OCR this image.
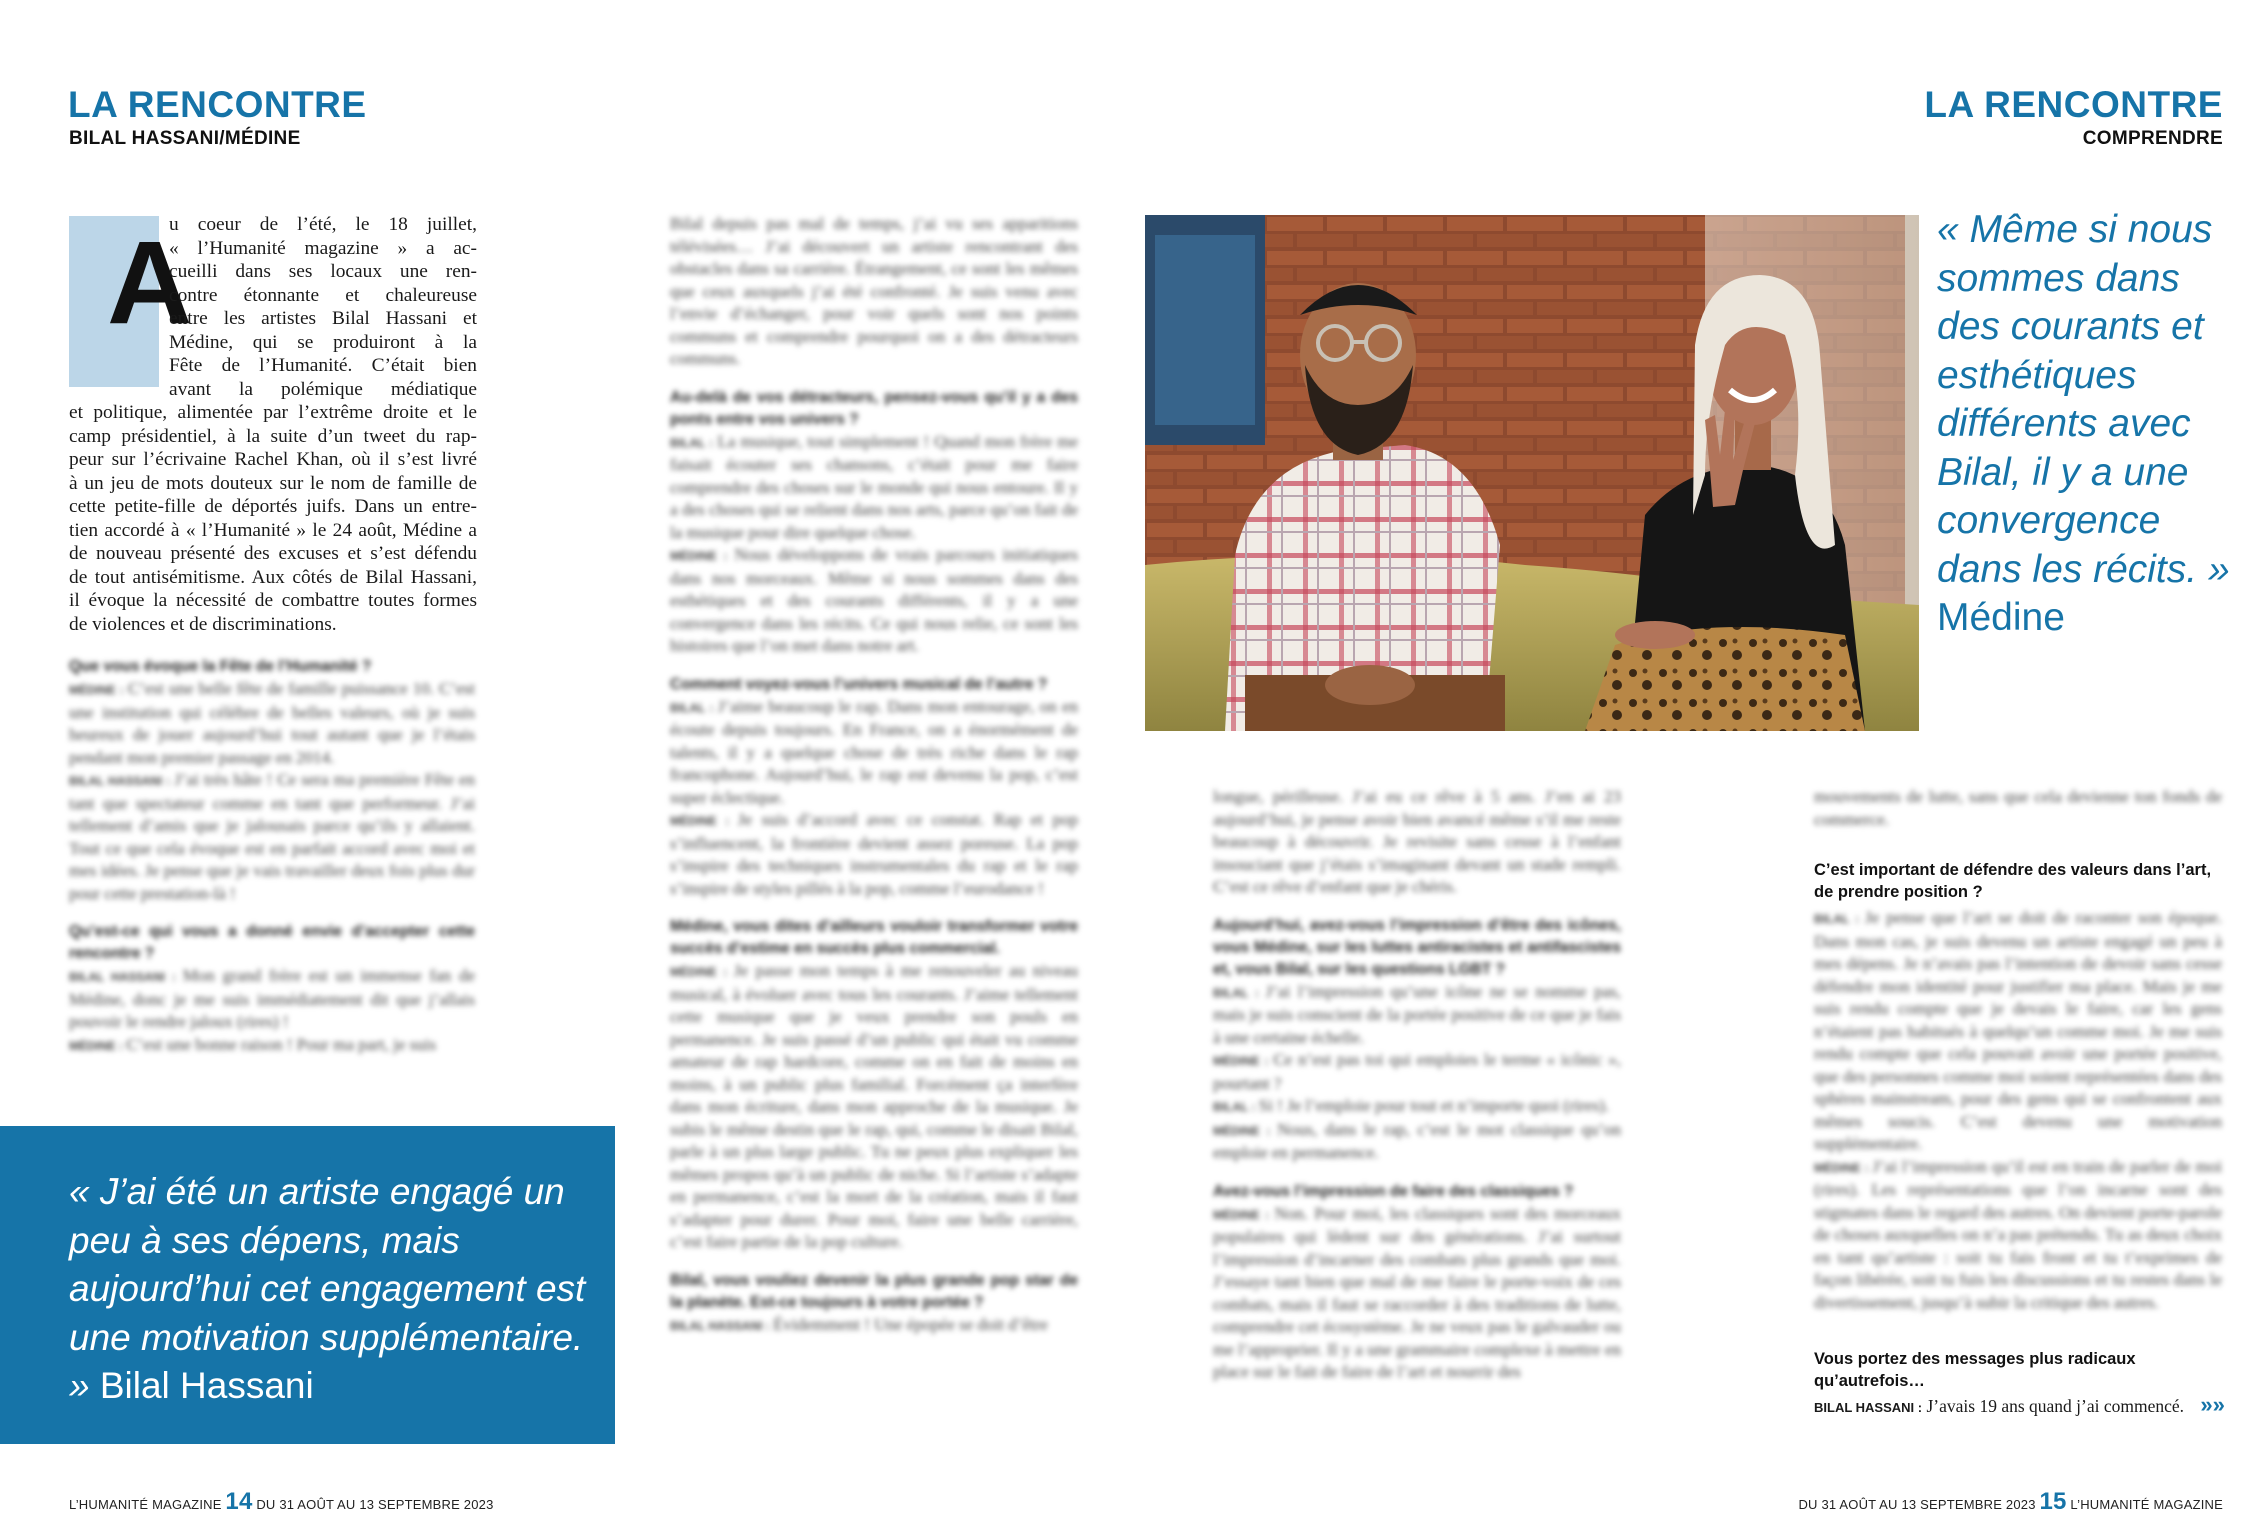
LA RENCONTRE
BILAL HASSANI/MÉDINE
A
u coeur de l’été, le 18 juillet,
« l’Humanité magazine » a ac-
cueilli dans ses locaux une ren-
contre étonnante et chaleureuse
entre les artistes Bilal Hassani et
Médine, qui se produiront à la
Fête de l’Humanité. C’était bien
avant la polémique médiatique
et politique, alimentée par l’extrême droite et le
camp présidentiel, à la suite d’un tweet du rap-
peur sur l’écrivaine Rachel Khan, où il s’est livré
à un jeu de mots douteux sur le nom de famille de
cette petite-fille de déportés juifs. Dans un entre-
tien accordé à « l’Humanité » le 24 août, Médine a
de nouveau présenté des excuses et s’est défendu
de tout antisémitisme. Aux côtés de Bilal Hassani,
il évoque la nécessité de combattre toutes formes
de violences et de discriminations.
Que vous évoque la Fête de l’Humanité ?

MÉDINE : C’est une belle fête de famille puissance 10. C’est une institution qui célèbre de belles valeurs, où je suis heureux de jouer aujourd’hui tout autant que je l’étais pendant mon premier passage en 2014.

BILAL HASSANI : J’ai très hâte ! Ce sera ma première Fête en tant que spectateur comme en tant que performeur. J’ai tellement d’amis que je jalousais parce qu’ils y allaient. Tout ce que cela évoque est en parfait accord avec moi et mes idées. Je pense que je vais travailler deux fois plus dur pour cette prestation-là !

Qu’est-ce qui vous a donné envie d’accepter cette rencontre ?

BILAL HASSANI : Mon grand frère est un immense fan de Médine, donc je me suis immédiatement dit que j’allais pouvoir le rendre jaloux (rires) !

MÉDINE : C’est une bonne raison ! Pour ma part, je suis

Bilal depuis pas mal de temps, j’ai vu ses apparitions télévisées… J’ai découvert un artiste rencontrant des obstacles dans sa carrière. Étrangement, ce sont les mêmes que ceux auxquels j’ai été confronté. Je suis venu avec l’envie d’échanger, pour voir quels sont nos points communs et comprendre pourquoi on a des détracteurs communs.

Au-delà de vos détracteurs, pensez-vous qu’il y a des ponts entre vos univers ?

BILAL : La musique, tout simplement ! Quand mon frère me faisait écouter ses chansons, c’était pour me faire comprendre des choses sur le monde qui nous entoure. Il y a des choses qui se relient dans nos arts, parce qu’on fait de la musique pour dire quelque chose.

MÉDINE : Nous développons de vrais parcours initiatiques dans nos morceaux. Même si nous sommes dans des esthétiques et des courants différents, il y a une convergence dans les récits. Ce qui nous relie, ce sont les histoires que l’on met dans notre art.

Comment voyez-vous l’univers musical de l’autre ?

BILAL : J’aime beaucoup le rap. Dans mon entourage, on en écoute depuis toujours. En France, on a énormément de talents, il y a quelque chose de très riche dans le rap francophone. Aujourd’hui, le rap est devenu la pop, c’est super éclectique.

MÉDINE : Je suis d’accord avec ce constat. Rap et pop s’influencent, la frontière devient assez poreuse. La pop s’inspire des techniques instrumentales du rap et le rap s’inspire de styles pillés à la pop, comme l’eurodance !

Médine, vous dites d’ailleurs vouloir transformer votre succès d’estime en succès plus commercial.

MÉDINE : Je passe mon temps à me renouveler au niveau musical, à évoluer avec tous les courants. J’aime tellement cette musique que je veux prendre son pouls en permanence. Je suis passé d’un public qui était vu comme amateur de rap hardcore, comme on en fait de moins en moins, à un public plus familial. Forcément ça interfère dans mon écriture, dans mon approche de la musique. Je subis le même destin que le rap, qui, comme le disait Bilal, parle à un plus large public. Tu ne peux plus expliquer les mêmes propos qu’à un public de niche. Si l’artiste s’adapte en permanence, c’est la mort de la création, mais il faut s’adapter pour durer. Pour moi, faire une belle carrière, c’est faire partie de la pop culture.

Bilal, vous vouliez devenir la plus grande pop star de la planète. Est-ce toujours à votre portée ?

BILAL HASSANI : Évidemment ! Une épopée se doit d’être

« J’ai été un artiste engagé un peu à ses dépens, mais aujourd’hui cet engagement est une motivation supplémentaire. » Bilal Hassani
L’HUMANITÉ MAGAZINE 14 DU 31 AOÛT AU 13 SEPTEMBRE 2023
LA RENCONTRE
COMPRENDRE
« Même si nous sommes dans des courants et esthétiques différents avec Bilal, il y a une convergence dans les récits. » Médine

longue, périlleuse. J’ai eu ce rêve à 5 ans. J’en ai 23 aujourd’hui, je pense avoir bien avancé même s’il me reste beaucoup à découvrir. Je revisite sans cesse à l’enfant insouciant que j’étais s’imaginant devant un stade rempli. C’est ce rêve d’enfant que je chéris.

Aujourd’hui, avez-vous l’impression d’être des icônes, vous Médine, sur les luttes antiracistes et antifascistes et, vous Bilal, sur les questions LGBT ?

BILAL : J’ai l’impression qu’une icône ne se nomme pas, mais je suis conscient de la portée positive de ce que je fais à une certaine échelle.

MÉDINE : Ce n’est pas toi qui emploies le terme « icônic », pourtant ?

BILAL : Si ! Je l’emploie pour tout et n’importe quoi (rires).

MÉDINE : Nous, dans le rap, c’est le mot classique qu’on emploie en permanence.

Avez-vous l’impression de faire des classiques ?

MÉDINE : Non. Pour moi, les classiques sont des morceaux populaires qui lèdent sur des générations. J’ai surtout l’impression d’incarner des combats plus grands que moi. J’essaye tant bien que mal de me faire le porte-voix de ces combats, mais il faut se raccorder à des traditions de lutte, comprendre cet écosystème. Je ne veux pas le galvauder ou me l’approprier. Il y a une grammaire complexe à mettre en place sur le fait de faire de l’art et nourrir des

mouvements de lutte, sans que cela devienne ton fonds de commerce.
C’est important de défendre des valeurs dans l’art, de prendre position ?

BILAL : Je pense que l’art se doit de raconter son époque. Dans mon cas, je suis devenu un artiste engagé un peu à mes dépens. Je n’avais pas l’intention de devoir sans cesse défendre mon identité pour justifier ma place. Mais je me suis rendu compte que je devais le faire, car les gens n’étaient pas habitués à quelqu’un comme moi. Je me suis rendu compte que cela pouvait avoir une portée positive, que des personnes comme moi soient représentées dans des sphères mainstream, pour des gens qui se confrontent aux mêmes soucis. C’est devenu une motivation supplémentaire.

MÉDINE : J’ai l’impression qu’il est en train de parler de moi (rires). Les représentations que l’on incarne sont des stigmates dans le regard des autres. On devient porte-parole de choses auxquelles on n’a pas prétendu. Tu as deux choix en tant qu’artiste : soit tu fais front et tu t’exprimes de façon libérée, soit tu fuis les discussions et tu restes dans le divertissement, jusqu’à subir la critique des autres.

Vous portez des messages plus radicaux qu’autrefois…
BILAL HASSANI : J’avais 19 ans quand j’ai commencé. »»
DU 31 AOÛT AU 13 SEPTEMBRE 2023 15 L’HUMANITÉ MAGAZINE
